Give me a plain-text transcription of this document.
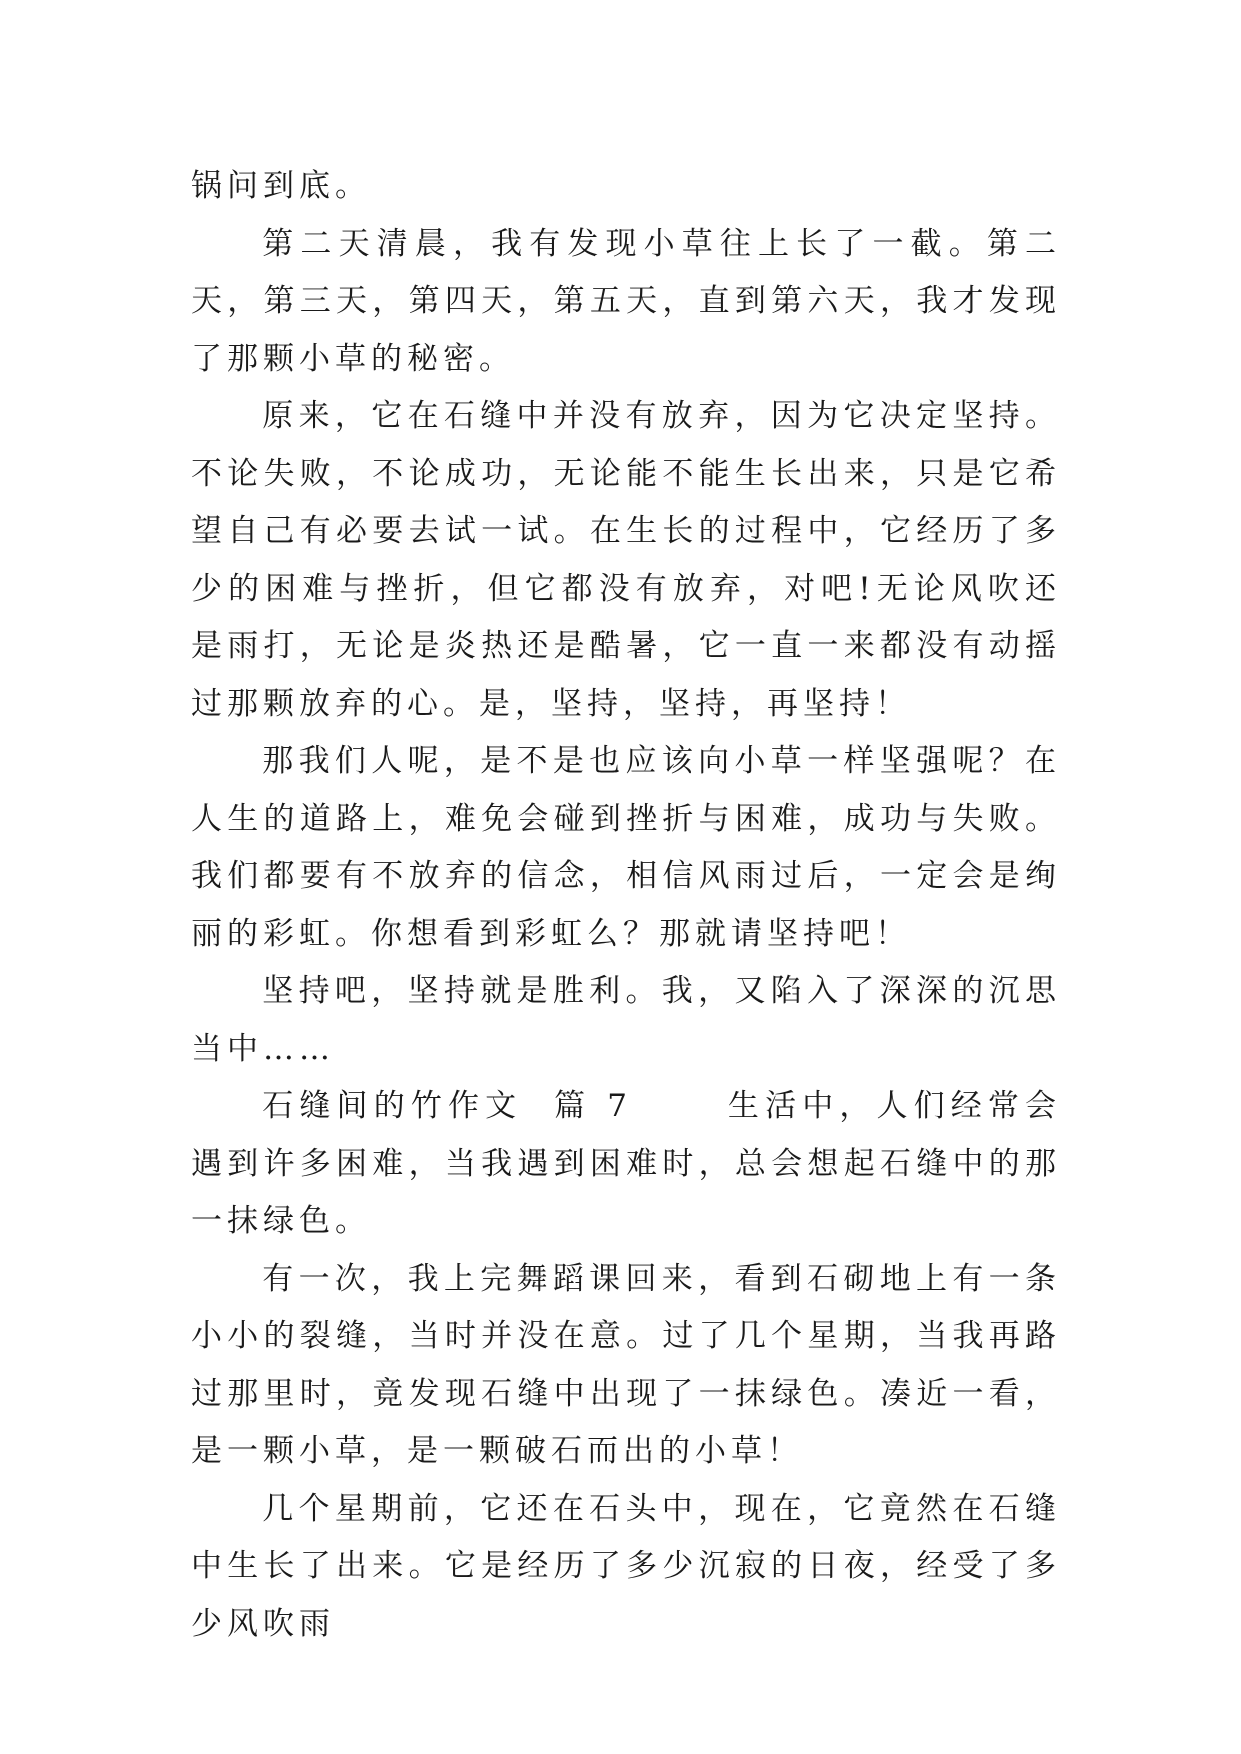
锅问到底。

第二天清晨，我有发现小草往上长了一截。第二天，第三天，第四天，第五天，直到第六天，我才发现了那颗小草的秘密。

原来，它在石缝中并没有放弃，因为它决定坚持。不论失败，不论成功，无论能不能生长出来，只是它希望自己有必要去试一试。在生长的过程中，它经历了多少的困难与挫折，但它都没有放弃，对吧!无论风吹还是雨打，无论是炎热还是酷暑，它一直一来都没有动摇过那颗放弃的心。是，坚持，坚持，再坚持！

那我们人呢，是不是也应该向小草一样坚强呢？在人生的道路上，难免会碰到挫折与困难，成功与失败。我们都要有不放弃的信念，相信风雨过后，一定会是绚丽的彩虹。你想看到彩虹么？那就请坚持吧！

坚持吧，坚持就是胜利。我，又陷入了深深的沉思当中……

石缝间的竹作文  篇 7      生活中，人们经常会遇到许多困难，当我遇到困难时，总会想起石缝中的那一抹绿色。

有一次，我上完舞蹈课回来，看到石砌地上有一条小小的裂缝，当时并没在意。过了几个星期，当我再路过那里时，竟发现石缝中出现了一抹绿色。凑近一看，是一颗小草，是一颗破石而出的小草！

几个星期前，它还在石头中，现在，它竟然在石缝中生长了出来。它是经历了多少沉寂的日夜，经受了多少风吹雨
